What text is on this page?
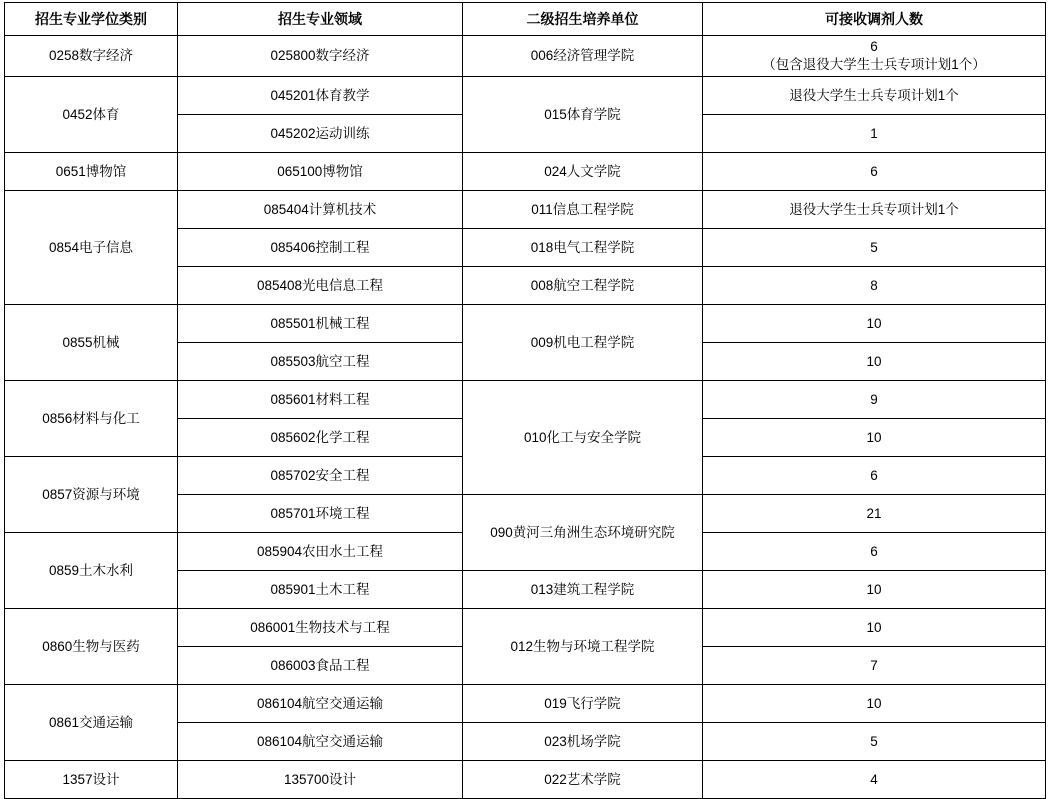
招生专业学位类别	招生专业领域	二级招生培养单位	可接收调剂人数
0258数字经济	025800数字经济	006经济管理学院	6
（包含退役大学生士兵专项计划1个）

0452体育	045201体育教学	015体育学院	退役大学生士兵专项计划1个
	045202运动训练		1
0651博物馆	065100博物馆	024人文学院	6
0854电子信息	085404计算机技术	011信息工程学院	退役大学生士兵专项计划1个
	085406控制工程	018电气工程学院	5
	085408光电信息工程	008航空工程学院	8
0855机械	085501机械工程	009机电工程学院	10
	085503航空工程		10
0856材料与化工	085601材料工程	010化工与安全学院	9
	085602化学工程		10
0857资源与环境	085702安全工程		6
	085701环境工程	090黄河三角洲生态环境研究院	21
0859土木水利	085904农田水土工程		6
	085901土木工程	013建筑工程学院	10
0860生物与医药	086001生物技术与工程	012生物与环境工程学院	10
	086003食品工程		7
0861交通运输	086104航空交通运输	019飞行学院	10
	086104航空交通运输	023机场学院	5
1357设计	135700设计	022艺术学院	4
